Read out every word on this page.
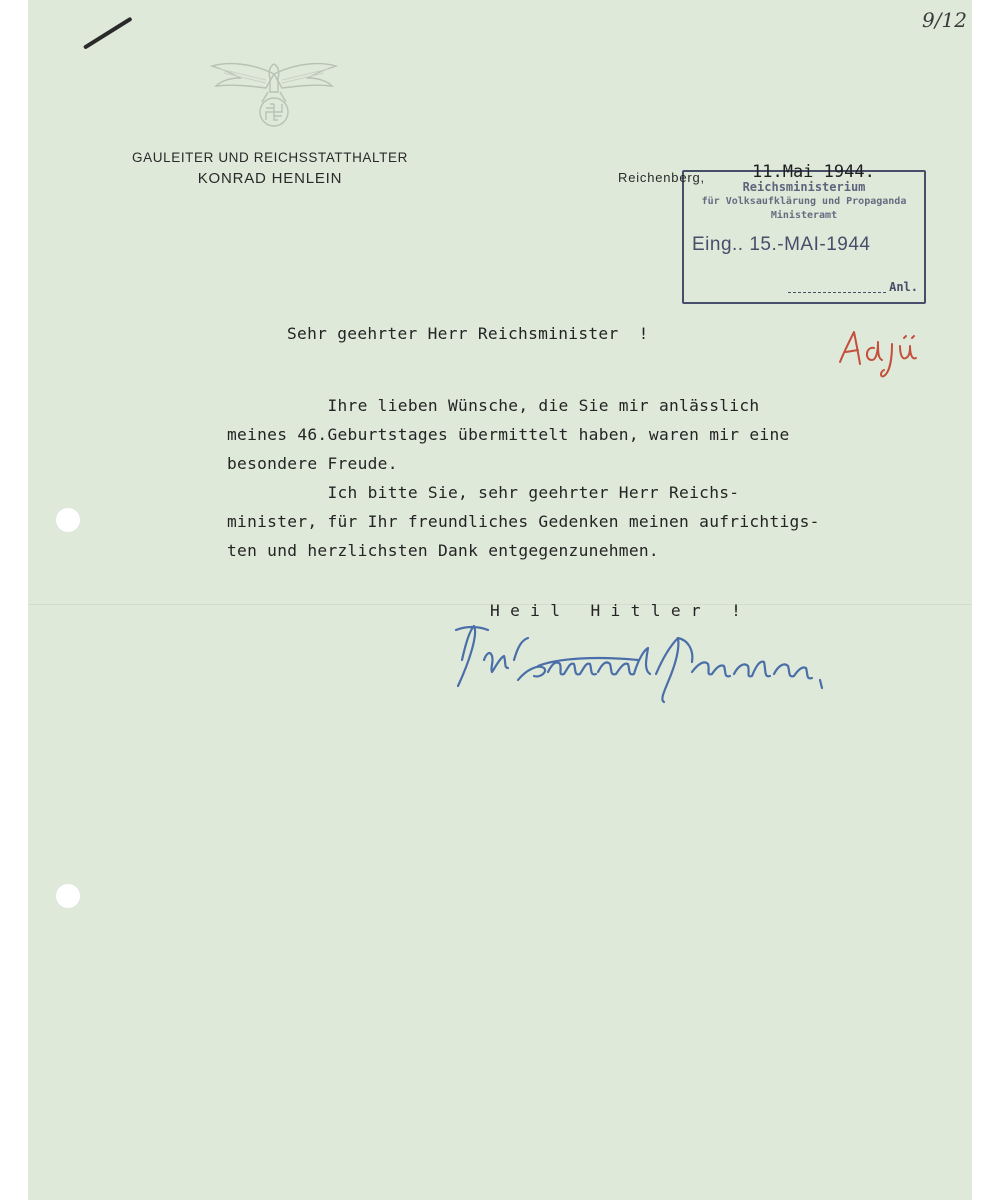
9/12
GAULEITER UND REICHSSTATTHALTER
KONRAD HENLEIN	Reichsministerium
für Volksaufklärung und Propaganda
Ministeramt
Eing.. 15.-MAI-1944
Anl.
Reichenberg,	11.Mai 1944.
Sehr geehrter Herr Reichsminister  !
Ihre lieben Wünsche, die Sie mir anlässlich
meines 46.Geburtstages übermittelt haben, waren mir eine
besondere Freude.
Ich bitte Sie, sehr geehrter Herr Reichs-
minister, für Ihr freundliches Gedenken meinen aufrichtigs-
ten und herzlichsten Dank entgegenzunehmen.
H e i l   H i t l e r   !
